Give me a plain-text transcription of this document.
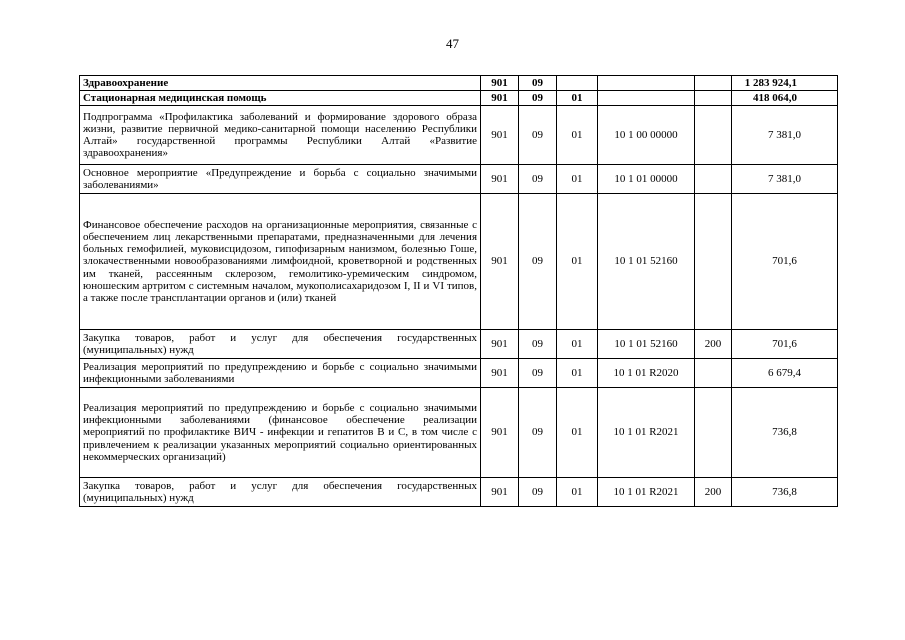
47
Здравоохранение	901	09				1 283 924,1
Стационарная медицинская помощь	901	09	01			418 064,0
Подпрограмма «Профилактика заболеваний и формирование здорового образа жизни, развитие первичной медико-санитарной помощи населению Республики Алтай» государственной программы Республики Алтай «Развитие здравоохранения»	901	09	01	10 1 00 00000		7 381,0
Основное мероприятие «Предупреждение и борьба с социально значимыми заболеваниями»	901	09	01	10 1 01 00000		7 381,0
Финансовое обеспечение расходов на организационные мероприятия, связанные с обеспечением лиц лекарственными препаратами, предназначенными для лечения больных гемофилией, муковисцидозом, гипофизарным нанизмом, болезнью Гоше, злокачественными новообразованиями лимфоидной, кроветворной и родственных им тканей, рассеянным склерозом, гемолитико-уремическим синдромом, юношеским артритом с системным началом, мукополисахаридозом I, II и VI типов, а также после трансплантации органов и (или) тканей	901	09	01	10 1 01 52160		701,6
Закупка товаров, работ и услуг для обеспечения государственных (муниципальных) нужд	901	09	01	10 1 01 52160	200	701,6
Реализация мероприятий по предупреждению и борьбе с социально значимыми инфекционными заболеваниями	901	09	01	10 1 01 R2020		6 679,4
Реализация мероприятий по предупреждению и борьбе с социально значимыми инфекционными заболеваниями (финансовое обеспечение реализации мероприятий по профилактике ВИЧ - инфекции и гепатитов В и С, в том числе с привлечением к реализации указанных мероприятий социально ориентированных некоммерческих организаций)	901	09	01	10 1 01 R2021		736,8
Закупка товаров, работ и услуг для обеспечения государственных (муниципальных) нужд	901	09	01	10 1 01 R2021	200	736,8
